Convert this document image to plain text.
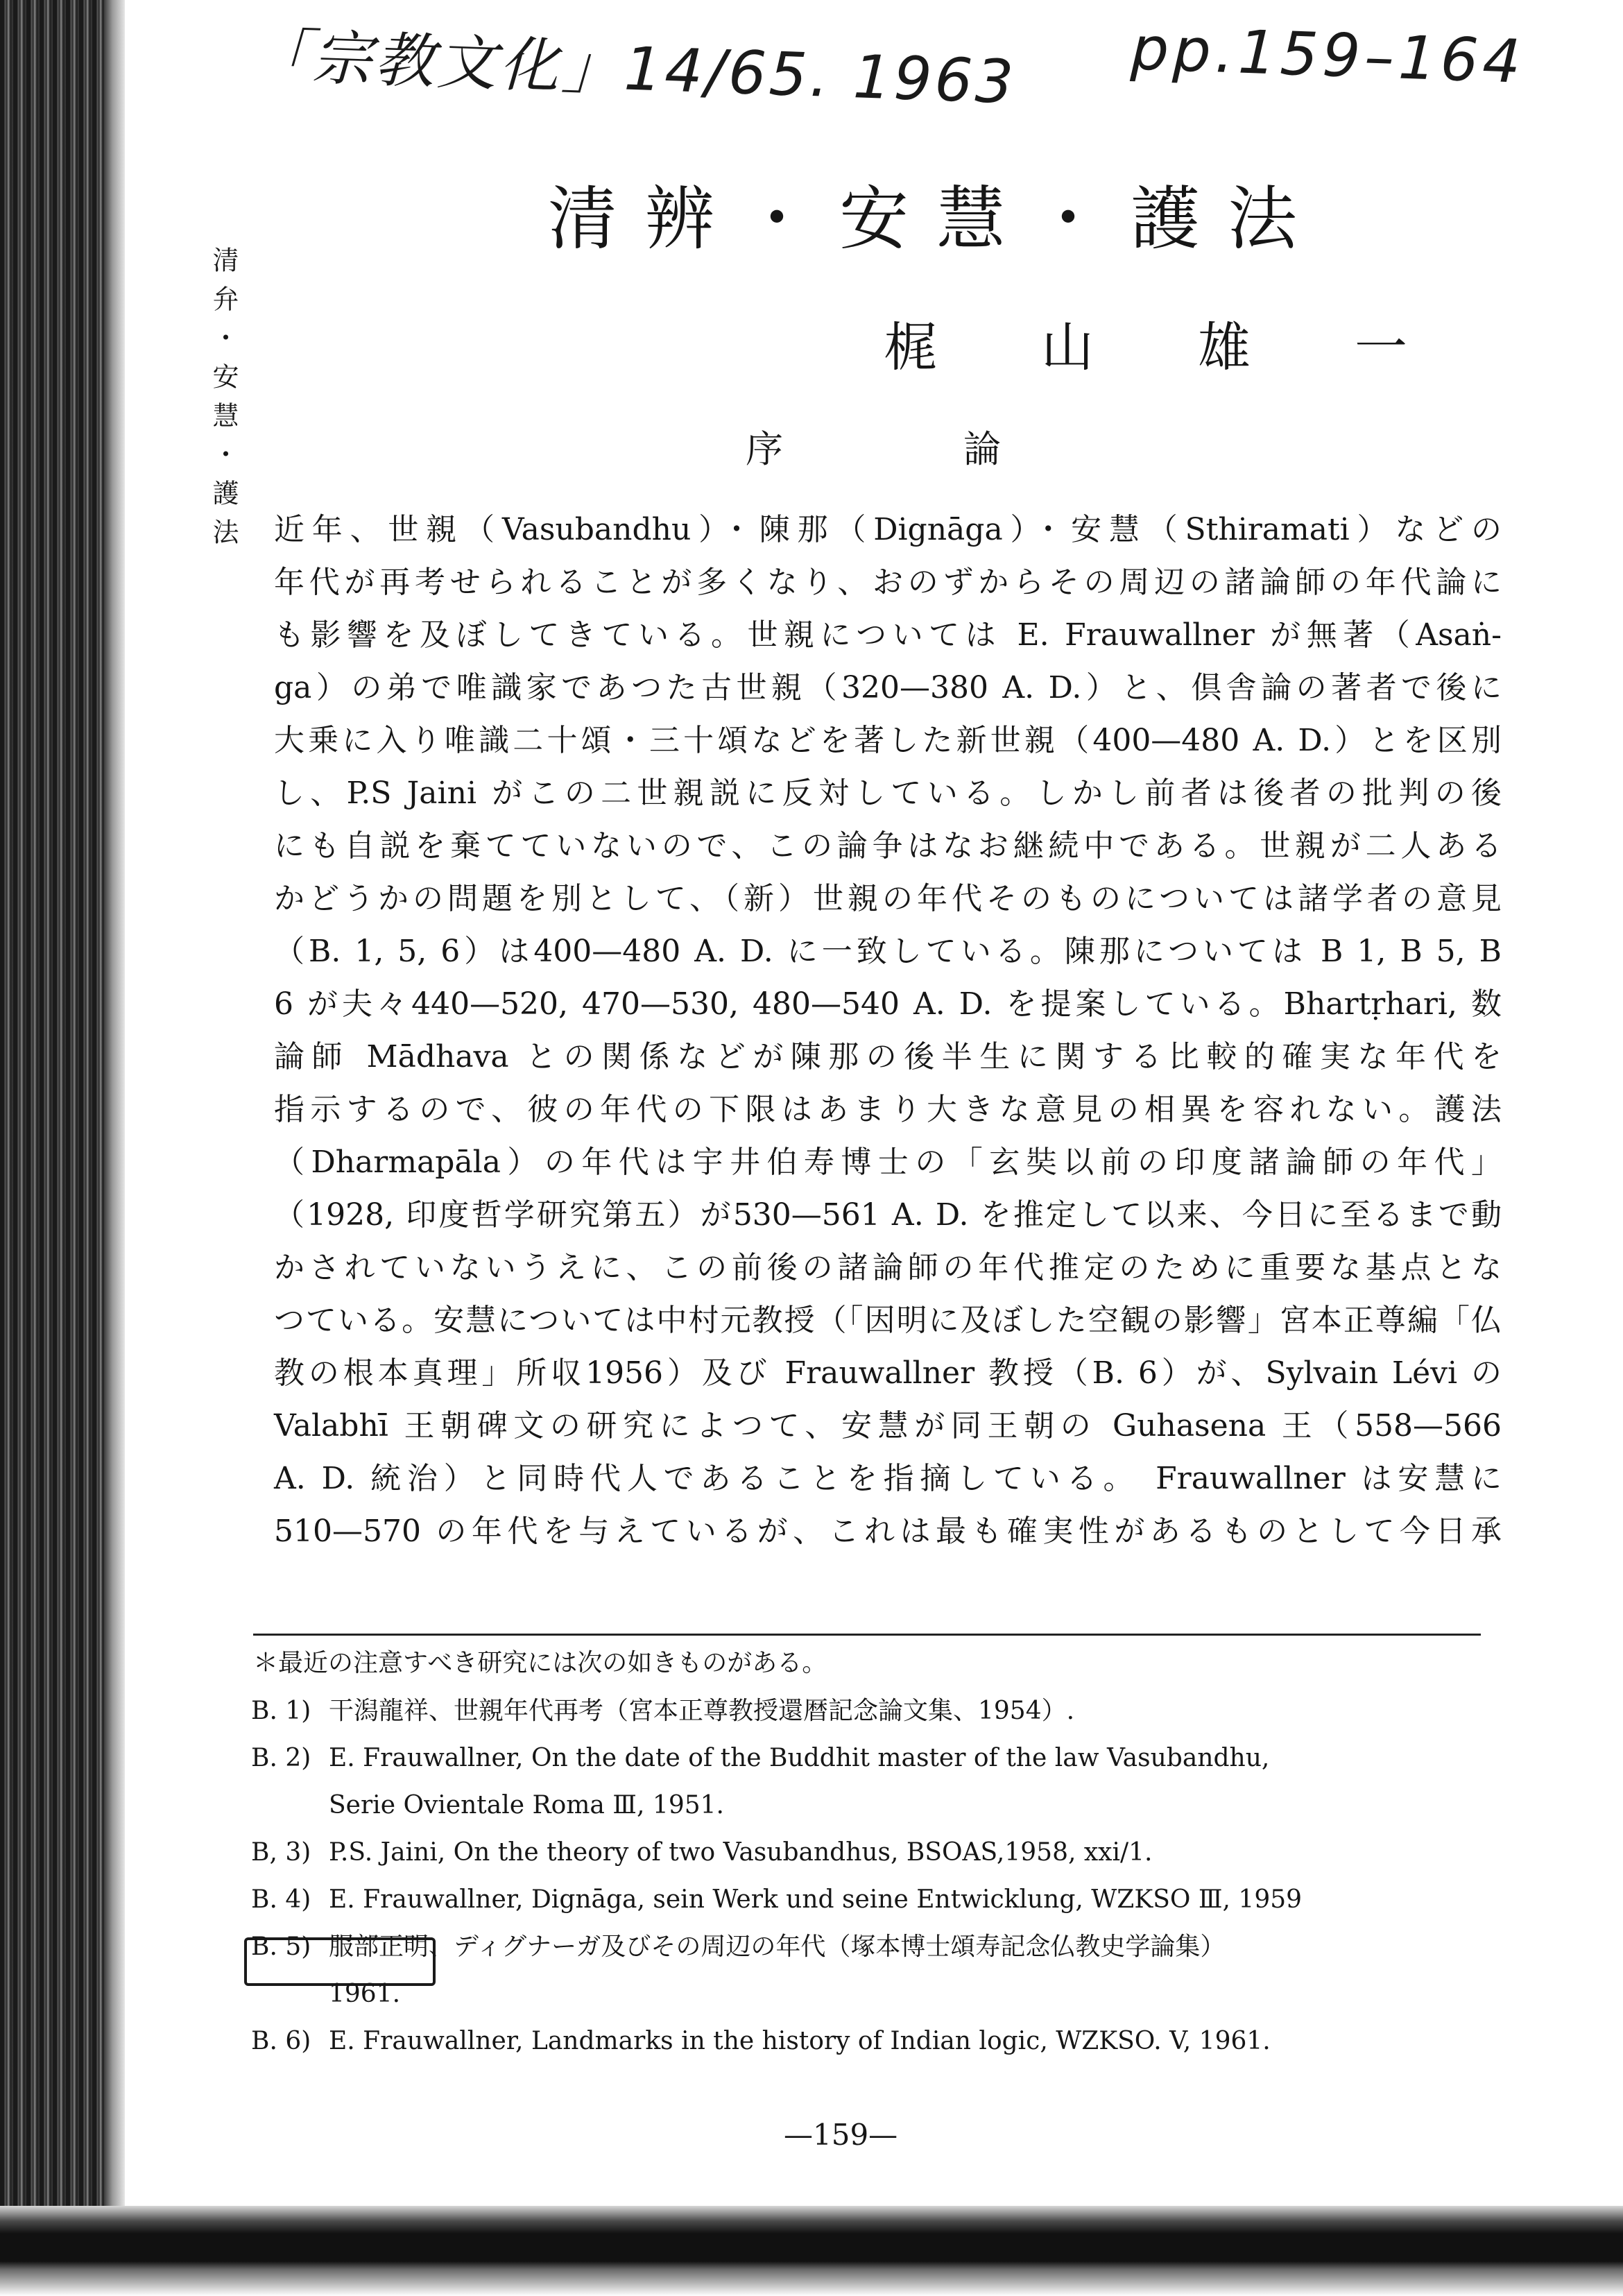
「宗教文化」14/65. 1963 pp.159–164
清弁・安慧・護法
清辨・安慧・護法
梶山雄一
序論
近年、世親（Vasubandhu）・陳那（Dignāga）・安慧（Sthiramati）などの
年代が再考せられることが多くなり、おのずからその周辺の諸論師の年代論に
も影響を及ぼしてきている。世親については E. Frauwallner が無著（Asaṅ-
ga）の弟で唯識家であつた古世親（320—380 A. D.）と、倶舎論の著者で後に
大乗に入り唯識二十頌・三十頌などを著した新世親（400—480 A. D.）とを区別
し、P.S Jaini がこの二世親説に反対している。しかし前者は後者の批判の後
にも自説を棄てていないので、この論争はなお継続中である。世親が二人ある
かどうかの問題を別として、（新）世親の年代そのものについては諸学者の意見
（B. 1, 5, 6）は400—480 A. D. に一致している。陳那については B 1, B 5, B
6 が夫々440—520, 470—530, 480—540 A. D. を提案している。Bhartṛhari, 数
論師 Mādhava との関係などが陳那の後半生に関する比較的確実な年代を
指示するので、彼の年代の下限はあまり大きな意見の相異を容れない。護法
（Dharmapāla）の年代は宇井伯寿博士の「玄奘以前の印度諸論師の年代」
（1928, 印度哲学研究第五）が530—561 A. D. を推定して以来、今日に至るまで動
かされていないうえに、この前後の諸論師の年代推定のために重要な基点とな
つている。安慧については中村元教授（「因明に及ぼした空観の影響」宮本正尊編「仏
教の根本真理」所収1956）及び Frauwallner 教授（B. 6）が、Sylvain Lévi の
Valabhī 王朝碑文の研究によつて、安慧が同王朝の Guhasena 王（558—566
A. D. 統治）と同時代人であることを指摘している。 Frauwallner は安慧に
510—570 の年代を与えているが、これは最も確実性があるものとして今日承
＊最近の注意すべき研究には次の如きものがある。
B. 1) 干潟龍祥、世親年代再考（宮本正尊教授還暦記念論文集、1954）.
B. 2) E. Frauwallner, On the date of the Buddhit master of the law Vasubandhu,
Serie Ovientale Roma Ⅲ, 1951.
B, 3) P.S. Jaini, On the theory of two Vasubandhus, BSOAS,1958, xxi/1.
B. 4) E. Frauwallner, Dignāga, sein Werk und seine Entwicklung, WZKSO Ⅲ, 1959
B. 5) 服部正明、ディグナーガ及びその周辺の年代（塚本博士頌寿記念仏教史学論集）
1961.
B. 6) E. Frauwallner, Landmarks in the history of Indian logic, WZKSO. V, 1961.
—159—
